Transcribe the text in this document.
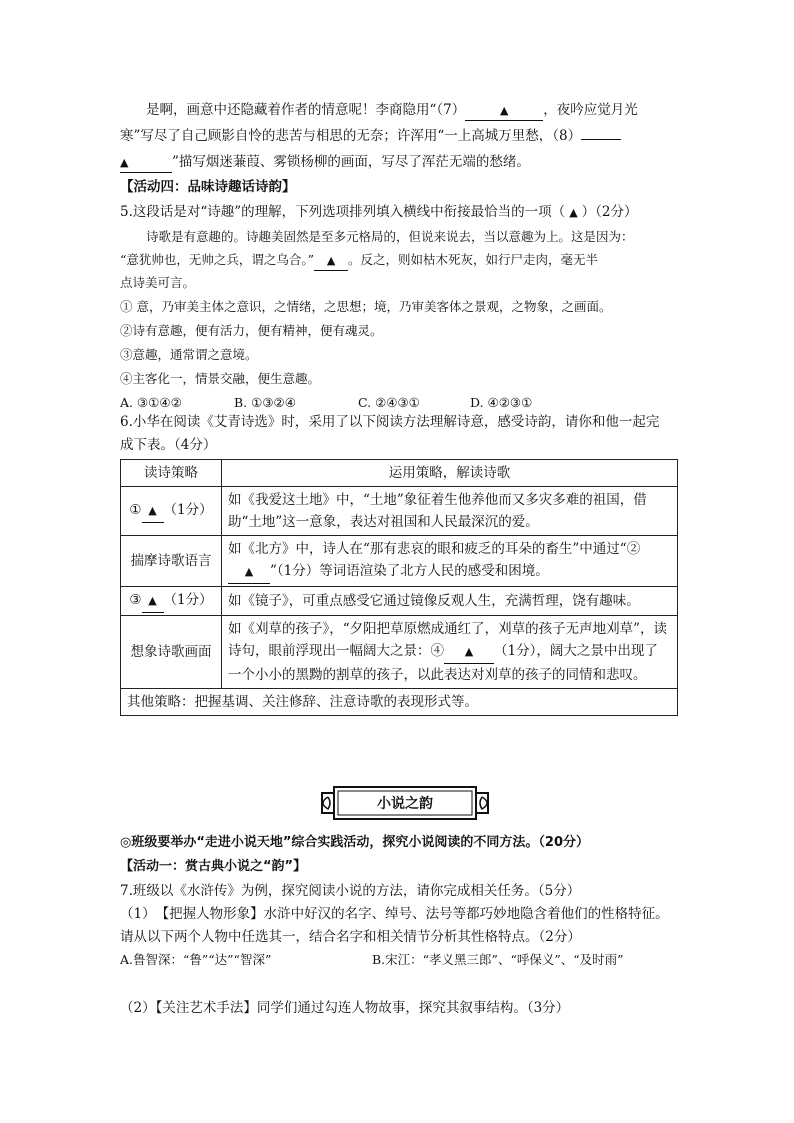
是啊，画意中还隐藏着作者的情意呢！李商隐用“（7）	▲	，夜吟应觉月光
寒”写尽了自己顾影自怜的悲苦与相思的无奈；许浑用“一上高城万里愁，（8）
▲	”描写烟迷蒹葭、雾锁杨柳的画面，写尽了浑茫无端的愁绪。
【活动四：品味诗趣话诗韵】
5.这段话是对“诗趣”的理解，下列选项排列填入横线中衔接最恰当的一项（ ▲ ）（2分）
诗歌是有意趣的。诗趣美固然是至多元格局的，但说来说去，当以意趣为上。这是因为：
“意犹帅也，无帅之兵，谓之乌合。” ▲ 。反之，则如枯木死灰，如行尸走肉，毫无半
点诗美可言。
① 意，乃审美主体之意识，之情绪，之思想；境，乃审美客体之景观，之物象，之画面。
②诗有意趣，便有活力，便有精神，便有魂灵。
③意趣，通常谓之意境。
④主客化一，情景交融，便生意趣。
A. ③①④②	B. ①③②④	C. ②④③①	D. ④②③①
6.小华在阅读《艾青诗选》时，采用了以下阅读方法理解诗意，感受诗韵，请你和他一起完
成下表。（4分）
读诗策略	运用策略，解读诗歌
① ▲ （1分）	如《我爱这土地》中，“土地”象征着生他养他而又多灾多难的祖国，借助“土地”这一意象，表达对祖国和人民最深沉的爱。
揣摩诗歌语言	如《北方》中，诗人在“那有悲哀的眼和疲乏的耳朵的畜生”中通过“②▲ ”（1分）等词语渲染了北方人民的感受和困境。
③ ▲ （1分）	如《镜子》，可重点感受它通过镜像反观人生，充满哲理，饶有趣味。
想象诗歌画面	如《刈草的孩子》，“夕阳把草原燃成通红了，刈草的孩子无声地刈草”，读诗句，眼前浮现出一幅阔大之景：④ ▲ （1分），阔大之景中出现了一个小小的黑黝的割草的孩子，以此表达对刈草的孩子的同情和悲叹。
其他策略：把握基调、关注修辞、注意诗歌的表现形式等。	
小说之韵
◎班级要举办“走进小说天地”综合实践活动，探究小说阅读的不同方法。（20分）
【活动一：赏古典小说之“韵”】
7.班级以《水浒传》为例，探究阅读小说的方法，请你完成相关任务。（5分）
（1）　【把握人物形象】水浒中好汉的名字、绰号、法号等都巧妙地隐含着他们的性格特征。
请从以下两个人物中任选其一，结合名字和相关情节分析其性格特点。（2分）
A.鲁智深：“鲁”“达”“智深”	B.宋江：“孝义黑三郎”、“呼保义”、“及时雨”
（2）【关注艺术手法】同学们通过勾连人物故事，探究其叙事结构。（3分）
